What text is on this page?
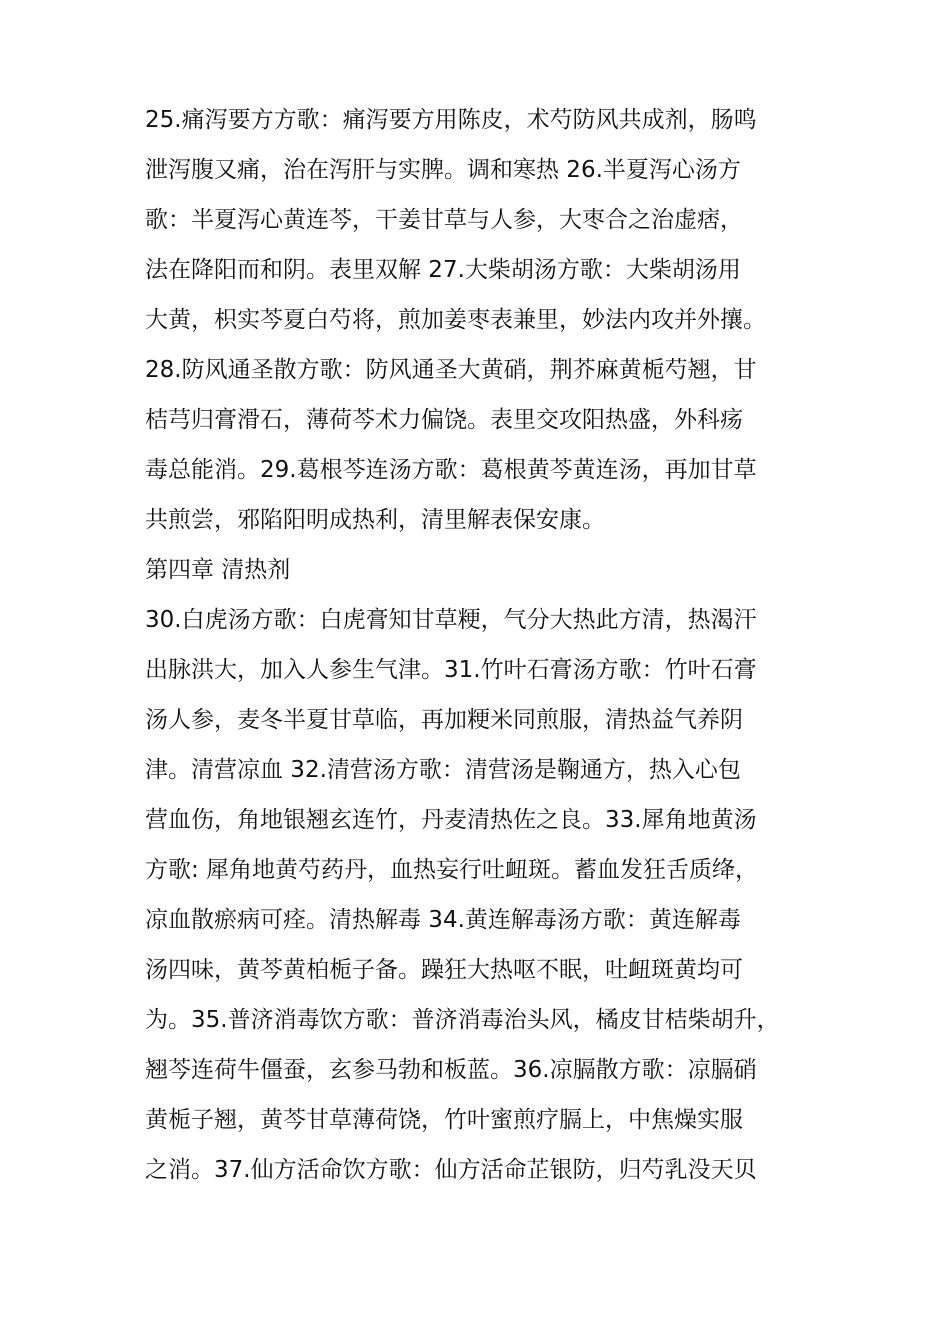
25.痛泻要方方歌：痛泻要方用陈皮，术芍防风共成剂，肠鸣
泄泻腹又痛，治在泻肝与实脾。调和寒热 26.半夏泻心汤方
歌：半夏泻心黄连芩，干姜甘草与人参，大枣合之治虚痞，
法在降阳而和阴。表里双解 27.大柴胡汤方歌：大柴胡汤用
大黄，枳实芩夏白芍将，煎加姜枣表兼里，妙法内攻并外攘。
28.防风通圣散方歌：防风通圣大黄硝，荆芥麻黄栀芍翘，甘
桔芎归膏滑石，薄荷芩术力偏饶。表里交攻阳热盛，外科疡
毒总能消。29.葛根芩连汤方歌：葛根黄芩黄连汤，再加甘草
共煎尝，邪陷阳明成热利，清里解表保安康。
第四章 清热剂
30.白虎汤方歌：白虎膏知甘草粳，气分大热此方清，热渴汗
出脉洪大，加入人参生气津。31.竹叶石膏汤方歌：竹叶石膏
汤人参，麦冬半夏甘草临，再加粳米同煎服，清热益气养阴
津。清营凉血 32.清营汤方歌：清营汤是鞠通方，热入心包
营血伤，角地银翘玄连竹，丹麦清热佐之良。33.犀角地黄汤
方歌: 犀角地黄芍药丹，血热妄行吐衄斑。蓄血发狂舌质绛，
凉血散瘀病可痊。清热解毒 34.黄连解毒汤方歌：黄连解毒
汤四味，黄芩黄柏栀子备。躁狂大热呕不眠，吐衄斑黄均可
为。35.普济消毒饮方歌：普济消毒治头风，橘皮甘桔柴胡升，
翘芩连荷牛僵蚕，玄参马勃和板蓝。36.凉膈散方歌：凉膈硝
黄栀子翘，黄芩甘草薄荷饶，竹叶蜜煎疗膈上，中焦燥实服
之消。37.仙方活命饮方歌：仙方活命芷银防，归芍乳没天贝
